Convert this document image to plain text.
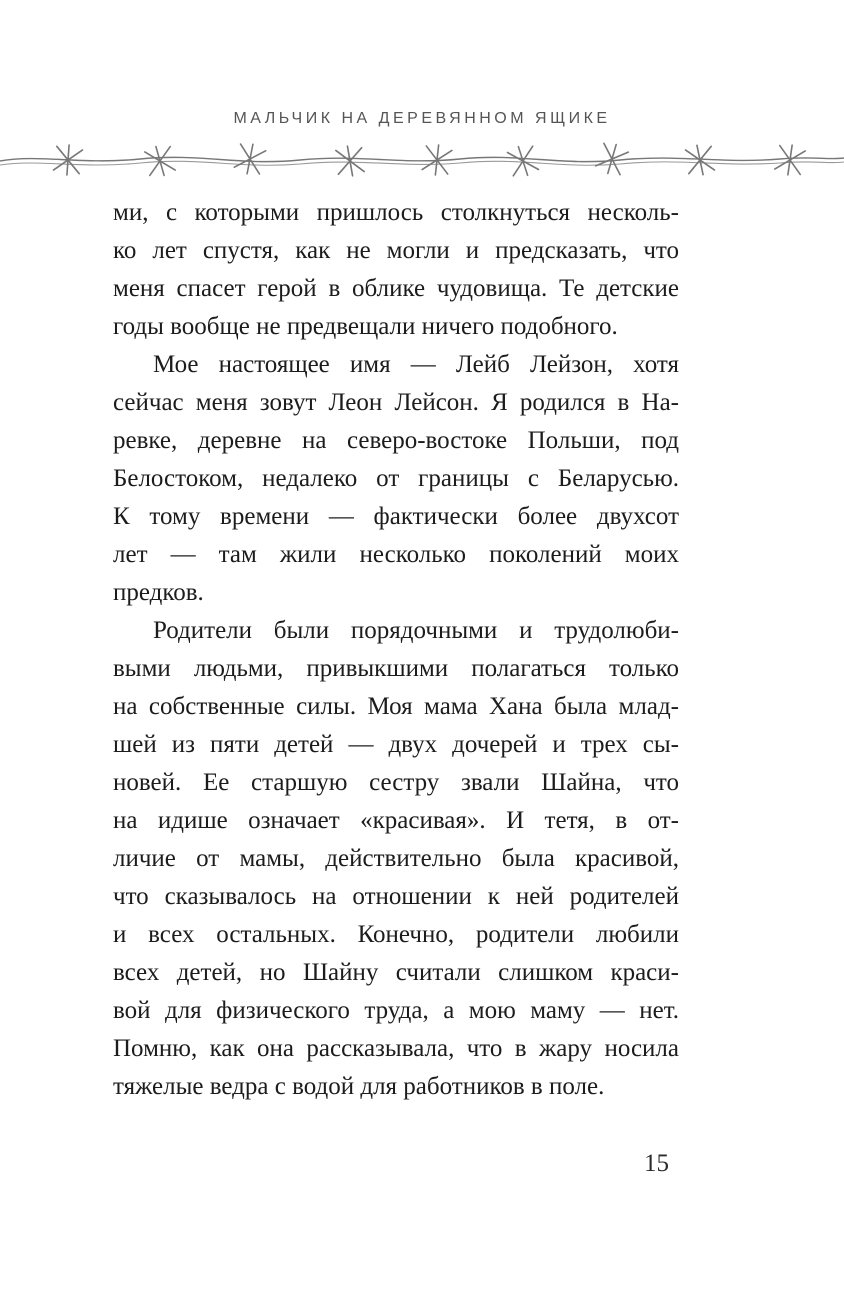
МАЛЬЧИК НА ДЕРЕВЯННОМ ЯЩИКЕ

ми, с которыми пришлось столкнуться несколь-
ко лет спустя, как не могли и предсказать, что
меня спасет герой в облике чудовища. Те детские
годы вообще не предвещали ничего подобного.

Мое настоящее имя — Лейб Лейзон, хотя
сейчас меня зовут Леон Лейсон. Я родился в На-
ревке, деревне на северо-востоке Польши, под
Белостоком, недалеко от границы с Беларусью.
К тому времени — фактически более двухсот
лет — там жили несколько поколений моих
предков.

Родители были порядочными и трудолюби-
выми людьми, привыкшими полагаться только
на собственные силы. Моя мама Хана была млад-
шей из пяти детей — двух дочерей и трех сы-
новей. Ее старшую сестру звали Шайна, что
на идише означает «красивая». И тетя, в от-
личие от мамы, действительно была красивой,
что сказывалось на отношении к ней родителей
и всех остальных. Конечно, родители любили
всех детей, но Шайну считали слишком краси-
вой для физического труда, а мою маму — нет.
Помню, как она рассказывала, что в жару носила
тяжелые ведра с водой для работников в поле.

15
